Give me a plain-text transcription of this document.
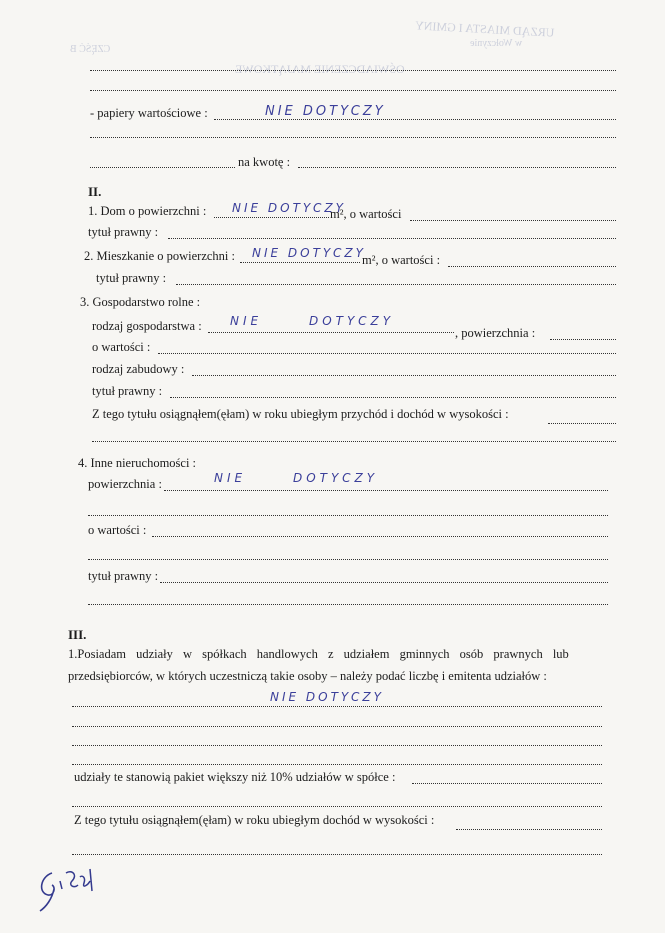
URZĄD MIASTA I GMINY
w Wołczynie
CZĘŚĆ B
OŚWIADCZENIE MAJĄTKOWE
- papiery wartościowe :	NIE DOTYCZY
na kwotę :
II.
1. Dom o powierzchni : NIE DOTYCZY
m², o wartości
tytuł prawny :
2. Mieszkanie o powierzchni : NIE DOTYCZY
m², o wartości :
tytuł prawny :
3. Gospodarstwo rolne :
rodzaj gospodarstwa : NIE      DOTYCZY
, powierzchnia :
o wartości :
rodzaj zabudowy :
tytuł prawny :
Z tego tytułu osiągnąłem(ęłam) w roku ubiegłym przychód i dochód w wysokości :
4. Inne nieruchomości :
powierzchnia :	NIE      DOTYCZY
o wartości :
tytuł prawny :
III.
1.Posiadam udziały w spółkach handlowych z udziałem gminnych osób prawnych lub
przedsiębiorców, w których uczestniczą takie osoby – należy podać liczbę i emitenta udziałów :
NIE DOTYCZY
udziały te stanowią pakiet większy niż 10% udziałów w spółce :
Z tego tytułu osiągnąłem(ęłam) w roku ubiegłym dochód w wysokości :
